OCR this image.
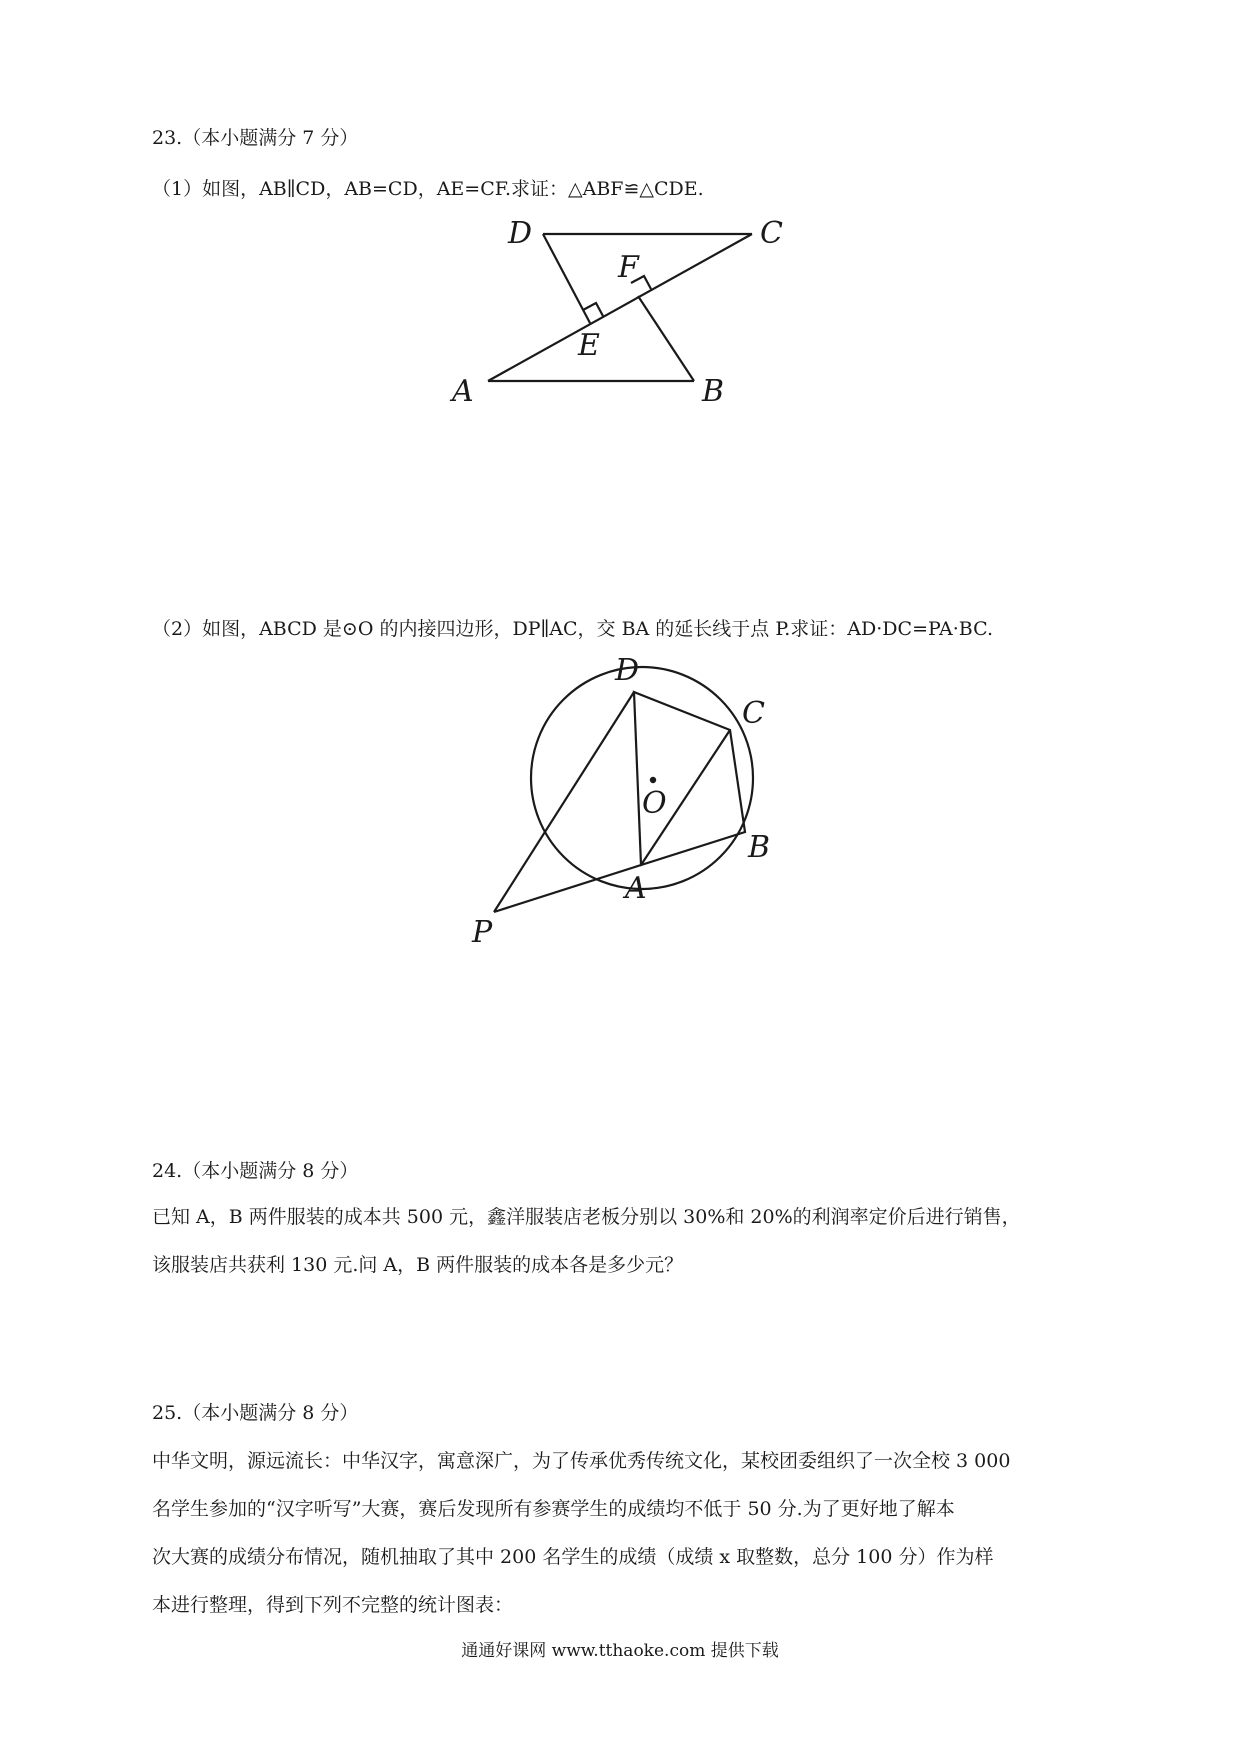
23.（本小题满分 7 分）
（1）如图，AB∥CD，AB=CD，AE=CF.求证：△ABF≌△CDE.
D	C
F
E
A	B
（2）如图，ABCD 是⊙O 的内接四边形，DP∥AC，交 BA 的延长线于点 P.求证：AD·DC=PA·BC.
D
C
O
B
A
P
24.（本小题满分 8 分）
已知 A，B 两件服装的成本共 500 元，鑫洋服装店老板分别以 30%和 20%的利润率定价后进行销售，
该服装店共获利 130 元.问 A，B 两件服装的成本各是多少元？
25.（本小题满分 8 分）
中华文明，源远流长：中华汉字，寓意深广，为了传承优秀传统文化，某校团委组织了一次全校 3 000
名学生参加的“汉字听写”大赛，赛后发现所有参赛学生的成绩均不低于 50 分.为了更好地了解本
次大赛的成绩分布情况，随机抽取了其中 200 名学生的成绩（成绩 x 取整数，总分 100 分）作为样
本进行整理，得到下列不完整的统计图表：
通通好课网 www.tthaoke.com 提供下载
